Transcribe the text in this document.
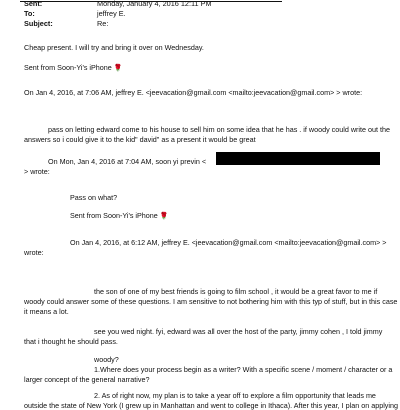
Sent:	Monday, January 4, 2016 12:11 PM
To:	jeffrey E.
Subject:	Re:
Cheap present. I will try and bring it over on Wednesday.
Sent from Soon-Yi's iPhone 🌹
On Jan 4, 2016, at 7:06 AM, jeffrey E. <jeevacation@gmail.com <mailto:jeevacation@gmail.com> > wrote:
pass on letting edward come to his house to sell him on some idea that he has . if woody could write out the
answers so i could give it to the kid" david" as a present it would be great
On Mon, Jan 4, 2016 at 7:04 AM, soon yi previn <
> wrote:
Pass on what?
Sent from Soon-Yi's iPhone 🌹
On Jan 4, 2016, at 6:12 AM, jeffrey E. <jeevacation@gmail.com <mailto:jeevacation@gmail.com> >
wrote:
the son of one of my best friends is going to film school , it would be a great favor to me if
woody could answer some of these questions. I am sensitive to not bothering him with this typ of stuff, but in this case
it means a lot.
see you wed night. fyi, edward was all over the host of the party, jimmy cohen , I told jimmy
that i thought he should pass.
woody?
1.Where does your process begin as a writer? With a specific scene / moment / character or a
larger concept of the general narrative?
2. As of right now, my plan is to take a year off to explore a film opportunity that leads me
outside the state of New York (I grew up in Manhattan and went to college in Ithaca). After this year, I plan on applying
